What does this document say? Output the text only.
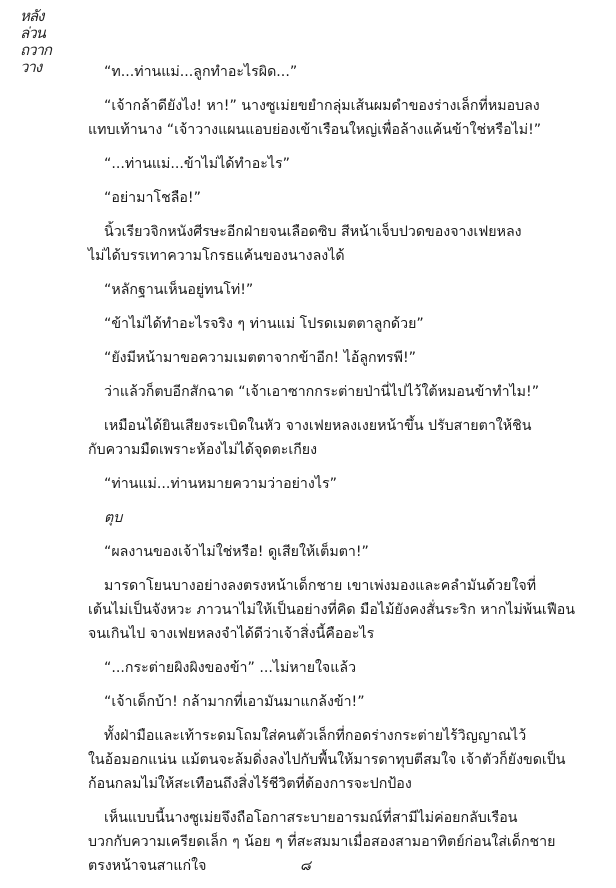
หลัง
ล่วน
ถวาก
วาง	“ท...ท่านแม่...ลูกทำอะไรผิด...”

“เจ้ากล้าดียังไง! หา!” นางซูเม่ยขยำกลุ่มเส้นผมดำของร่างเล็กที่หมอบลง

แทบเท้านาง “เจ้าวางแผนแอบย่องเข้าเรือนใหญ่เพื่อล้างแค้นข้าใช่หรือไม่!”

“...ท่านแม่...ข้าไม่ได้ทำอะไร”

“อย่ามาโชลือ!”

นิ้วเรียวจิกหนังศีรษะอีกฝ่ายจนเลือดซิบ สีหน้าเจ็บปวดของจางเฟยหลง

ไม่ได้บรรเทาความโกรธแค้นของนางลงได้

“หลักฐานเห็นอยู่ทนโท่!”

“ข้าไม่ได้ทำอะไรจริง ๆ ท่านแม่ โปรดเมตตาลูกด้วย”

“ยังมีหน้ามาขอความเมตตาจากข้าอีก! ไอ้ลูกทรพี!”

ว่าแล้วก็ตบอีกสักฉาด “เจ้าเอาซากกระต่ายป่านี่ไปไว้ใต้หมอนข้าทำไม!”

เหมือนได้ยินเสียงระเบิดในหัว จางเฟยหลงเงยหน้าขึ้น ปรับสายตาให้ชิน

กับความมืดเพราะห้องไม่ได้จุดตะเกียง

“ท่านแม่...ท่านหมายความว่าอย่างไร”

ตุบ

“ผลงานของเจ้าไม่ใช่หรือ! ดูเสียให้เต็มตา!”

มารดาโยนบางอย่างลงตรงหน้าเด็กชาย เขาเพ่งมองและคลำมันด้วยใจที่

เต้นไม่เป็นจังหวะ ภาวนาไม่ให้เป็นอย่างที่คิด มือไม้ยังคงสั่นระริก หากไม่พ้นเฟือน

จนเกินไป จางเฟยหลงจำได้ดีว่าเจ้าสิ่งนี้คืออะไร

“...กระต่ายผิงผิงของข้า” ...ไม่หายใจแล้ว

“เจ้าเด็กบ้า! กล้ามากที่เอามันมาแกล้งข้า!”

ทั้งฝ่ามือและเท้าระดมโถมใส่คนตัวเล็กที่กอดร่างกระต่ายไร้วิญญาณไว้

ในอ้อมอกแน่น แม้ตนจะล้มดิ่งลงไปกับพื้นให้มารดาทุบตีสมใจ เจ้าตัวก็ยังขดเป็น

ก้อนกลมไม่ให้สะเทือนถึงสิ่งไร้ชีวิตที่ต้องการจะปกป้อง

เห็นแบบนี้นางซูเม่ยจึงถือโอกาสระบายอารมณ์ที่สามีไม่ค่อยกลับเรือน

บวกกับความเครียดเล็ก ๆ น้อย ๆ ที่สะสมมาเมื่อสองสามอาทิตย์ก่อนใส่เด็กชาย

ตรงหน้าจนสาแก่ใจ	๘
